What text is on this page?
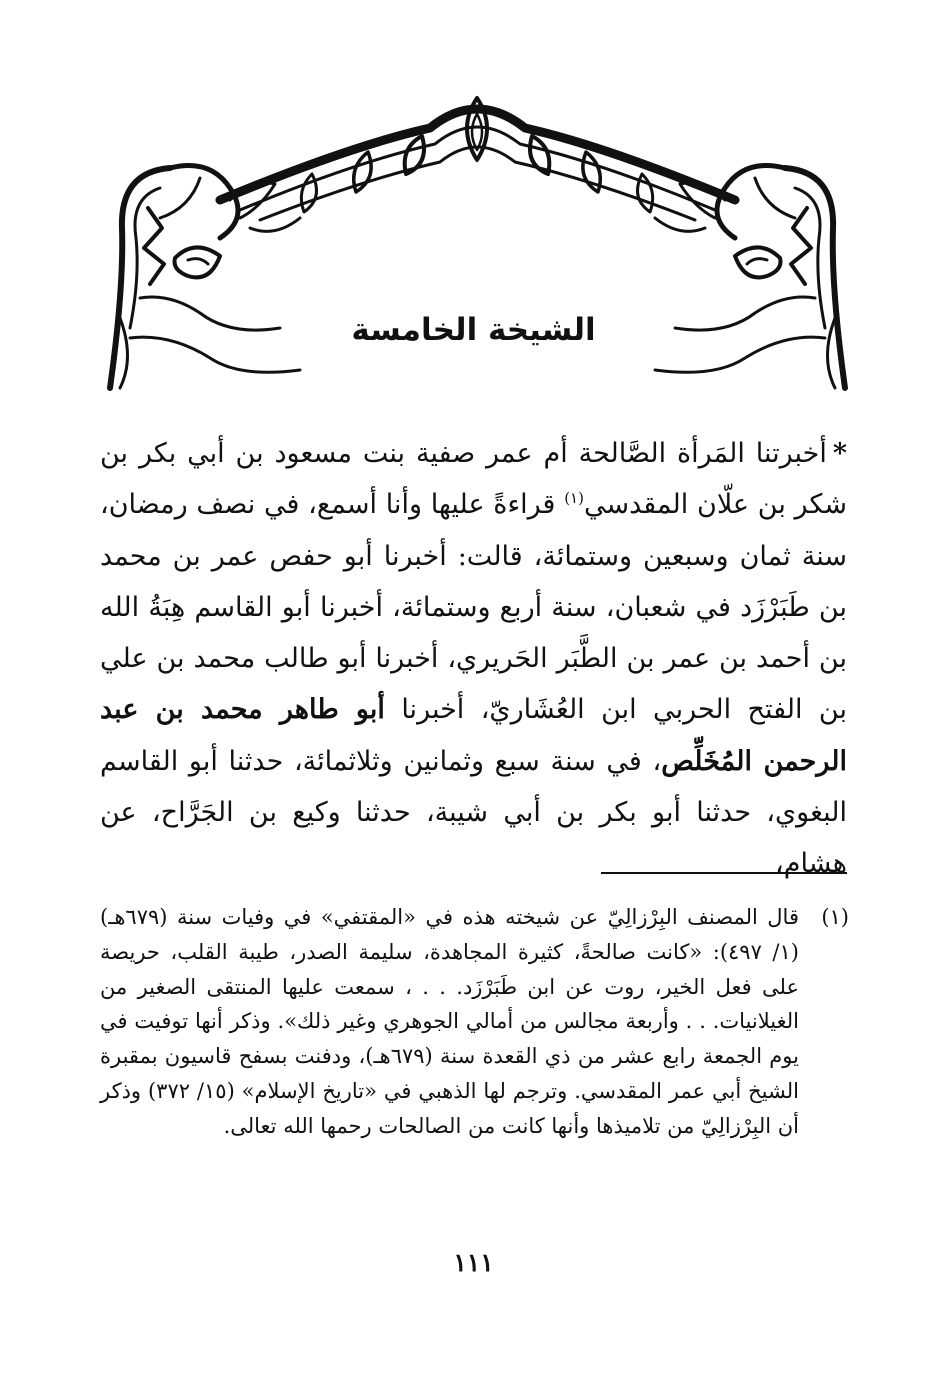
الشيخة الخامسة

*أخبرتنا المَرأة الصَّالحة أم عمر صفية بنت مسعود بن أبي بكر بن شكر بن علّان المقدسي$^{(١)}$ قراءةً عليها وأنا أسمع، في نصف رمضان، سنة ثمان وسبعين وستمائة، قالت: أخبرنا أبو حفص عمر بن محمد بن طَبَرْزَد في شعبان، سنة أربع وستمائة، أخبرنا أبو القاسم هِبَةُ الله بن أحمد بن عمر بن الطَّبَر الحَريري، أخبرنا أبو طالب محمد بن علي بن الفتح الحربي ابن العُشَاريّ، أخبرنا أبو طاهر محمد بن عبد الرحمن المُخَلِّص، في سنة سبع وثمانين وثلاثمائة، حدثنا أبو القاسم البغوي، حدثنا أبو بكر بن أبي شيبة، حدثنا وكيع بن الجَرَّاح، عن هشام،

(١)

قال المصنف البِرْزالِيّ عن شيخته هذه في «المقتفي» في وفيات سنة (٦٧٩هـ) (١/ ٤٩٧): «كانت صالحةً، كثيرة المجاهدة، سليمة الصدر، طيبة القلب، حريصة على فعل الخير، روت عن ابن طَبَرْزَد. . . ، سمعت عليها المنتقى الصغير من الغيلانيات. . . وأربعة مجالس من أمالي الجوهري وغير ذلك». وذكر أنها توفيت في يوم الجمعة رابع عشر من ذي القعدة سنة (٦٧٩هـ)، ودفنت بسفح قاسيون بمقبرة الشيخ أبي عمر المقدسي. وترجم لها الذهبي في «تاريخ الإسلام» (١٥/ ٣٧٢) وذكر أن البِرْزالِيّ من تلاميذها وأنها كانت من الصالحات رحمها الله تعالى.

١١١
